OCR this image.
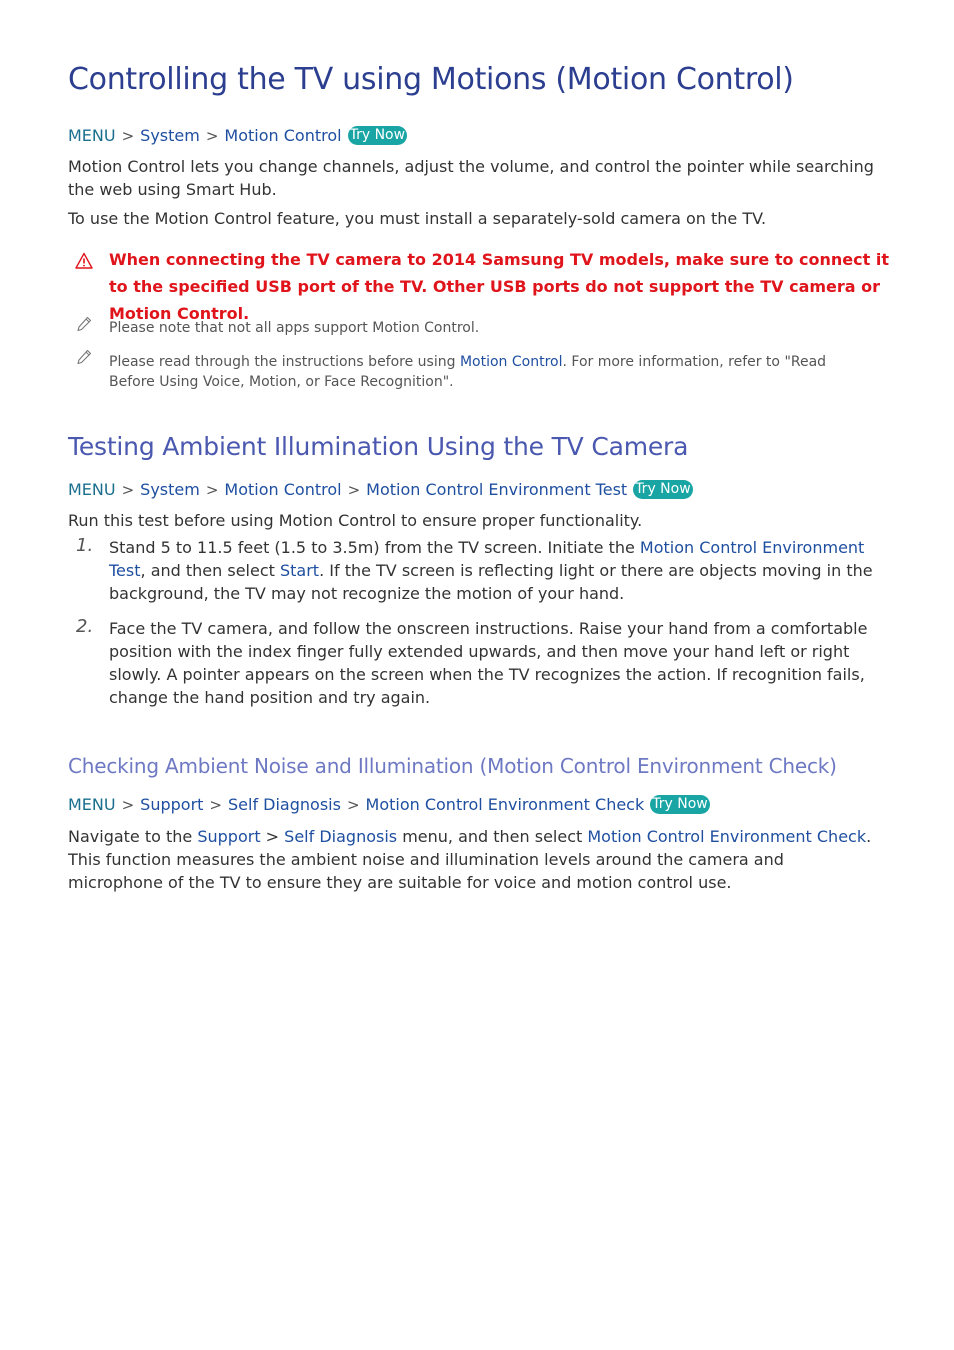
Controlling the TV using Motions (Motion Control)
MENU > System > Motion Control Try Now
Motion Control lets you change channels, adjust the volume, and control the pointer while searching the web using Smart Hub.
To use the Motion Control feature, you must install a separately-sold camera on the TV.
When connecting the TV camera to 2014 Samsung TV models, make sure to connect it to the specified USB port of the TV. Other USB ports do not support the TV camera or Motion Control.
Please note that not all apps support Motion Control.
Please read through the instructions before using Motion Control. For more information, refer to "Read Before Using Voice, Motion, or Face Recognition".
Testing Ambient Illumination Using the TV Camera
MENU > System > Motion Control > Motion Control Environment Test Try Now
Run this test before using Motion Control to ensure proper functionality.
1. Stand 5 to 11.5 feet (1.5 to 3.5m) from the TV screen. Initiate the Motion Control Environment Test, and then select Start. If the TV screen is reflecting light or there are objects moving in the background, the TV may not recognize the motion of your hand.
2. Face the TV camera, and follow the onscreen instructions. Raise your hand from a comfortable position with the index finger fully extended upwards, and then move your hand left or right slowly. A pointer appears on the screen when the TV recognizes the action. If recognition fails, change the hand position and try again.
Checking Ambient Noise and Illumination (Motion Control Environment Check)
MENU > Support > Self Diagnosis > Motion Control Environment Check Try Now
Navigate to the Support > Self Diagnosis menu, and then select Motion Control Environment Check. This function measures the ambient noise and illumination levels around the camera and microphone of the TV to ensure they are suitable for voice and motion control use.
